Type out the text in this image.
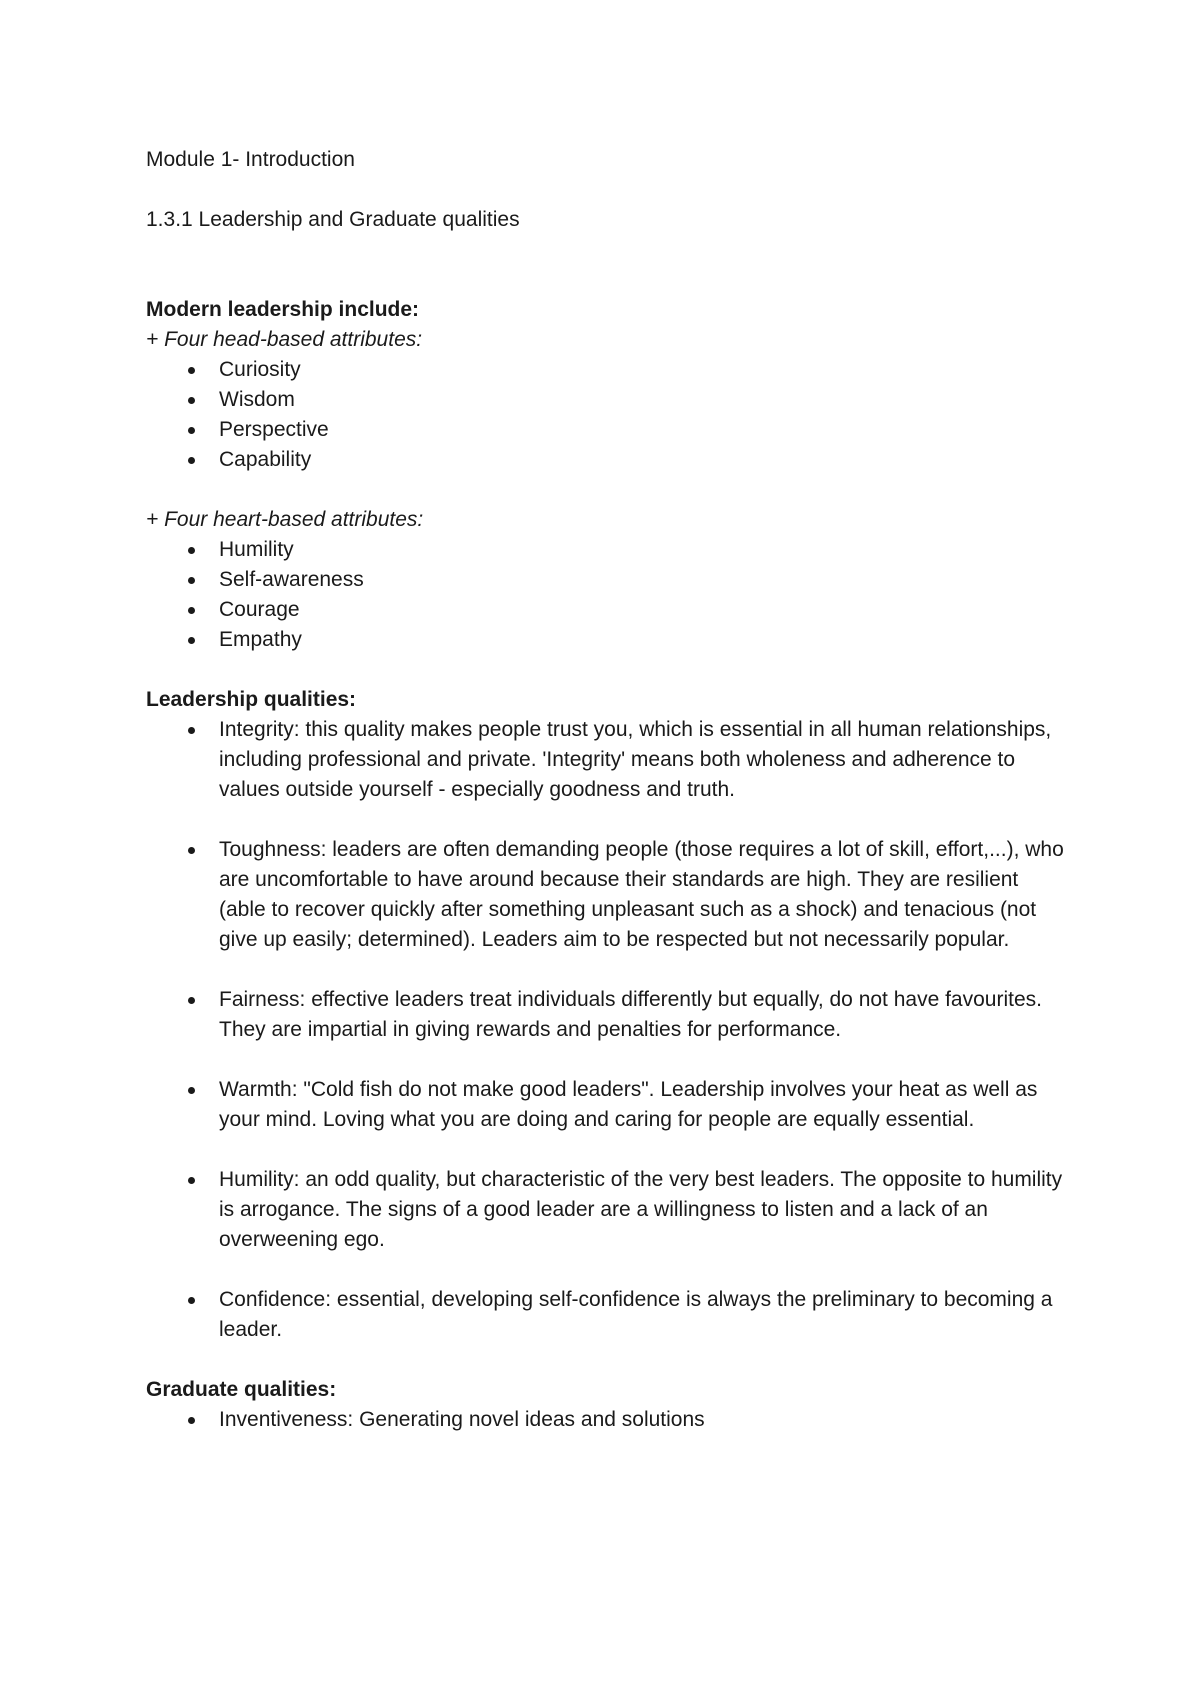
Module 1- Introduction

1.3.1 Leadership and Graduate qualities

Modern leadership include:

+ Four head-based attributes:

Curiosity
Wisdom
Perspective
Capability

+ Four heart-based attributes:

Humility
Self-awareness
Courage
Empathy

Leadership qualities:

Integrity: this quality makes people trust you, which is essential in all human relationships, including professional and private. 'Integrity' means both wholeness and adherence to values outside yourself - especially goodness and truth.
Toughness: leaders are often demanding people (those requires a lot of skill, effort,...), who are uncomfortable to have around because their standards are high. They are resilient (able to recover quickly after something unpleasant such as a shock) and tenacious (not give up easily; determined). Leaders aim to be respected but not necessarily popular.
Fairness: effective leaders treat individuals differently but equally, do not have favourites. They are impartial in giving rewards and penalties for performance.
Warmth: "Cold fish do not make good leaders". Leadership involves your heat as well as your mind. Loving what you are doing and caring for people are equally essential.
Humility: an odd quality, but characteristic of the very best leaders. The opposite to humility is arrogance. The signs of a good leader are a willingness to listen and a lack of an overweening ego.
Confidence: essential, developing self-confidence is always the preliminary to becoming a leader.

Graduate qualities:

Inventiveness: Generating novel ideas and solutions
